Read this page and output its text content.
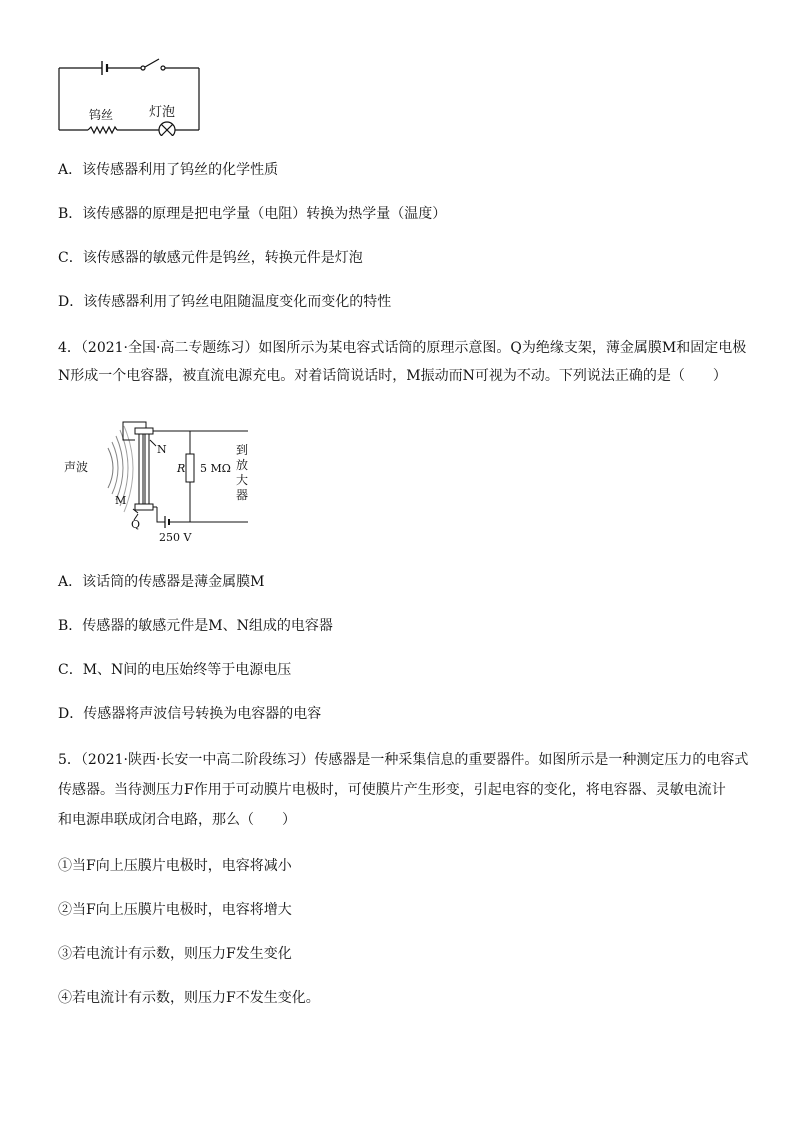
钨丝	灯泡
A．该传感器利用了钨丝的化学性质
B．该传感器的原理是把电学量（电阻）转换为热学量（温度）
C．该传感器的敏感元件是钨丝，转换元件是灯泡
D．该传感器利用了钨丝电阻随温度变化而变化的特性
4．（2021·全国·高二专题练习）如图所示为某电容式话筒的原理示意图。Q为绝缘支架，薄金属膜M和固定电极
N形成一个电容器，被直流电源充电。对着话筒说话时，M振动而N可视为不动。下列说法正确的是（　　）
声波
N
M
Q
R 5 MΩ
250 V
到
放
大
器
A．该话筒的传感器是薄金属膜M
B．传感器的敏感元件是M、N组成的电容器
C．M、N间的电压始终等于电源电压
D．传感器将声波信号转换为电容器的电容
5．（2021·陕西·长安一中高二阶段练习）传感器是一种采集信息的重要器件。如图所示是一种测定压力的电容式
传感器。当待测压力F作用于可动膜片电极时，可使膜片产生形变，引起电容的变化，将电容器、灵敏电流计
和电源串联成闭合电路，那么（　　）
①当F向上压膜片电极时，电容将减小
②当F向上压膜片电极时，电容将增大
③若电流计有示数，则压力F发生变化
④若电流计有示数，则压力F不发生变化。
